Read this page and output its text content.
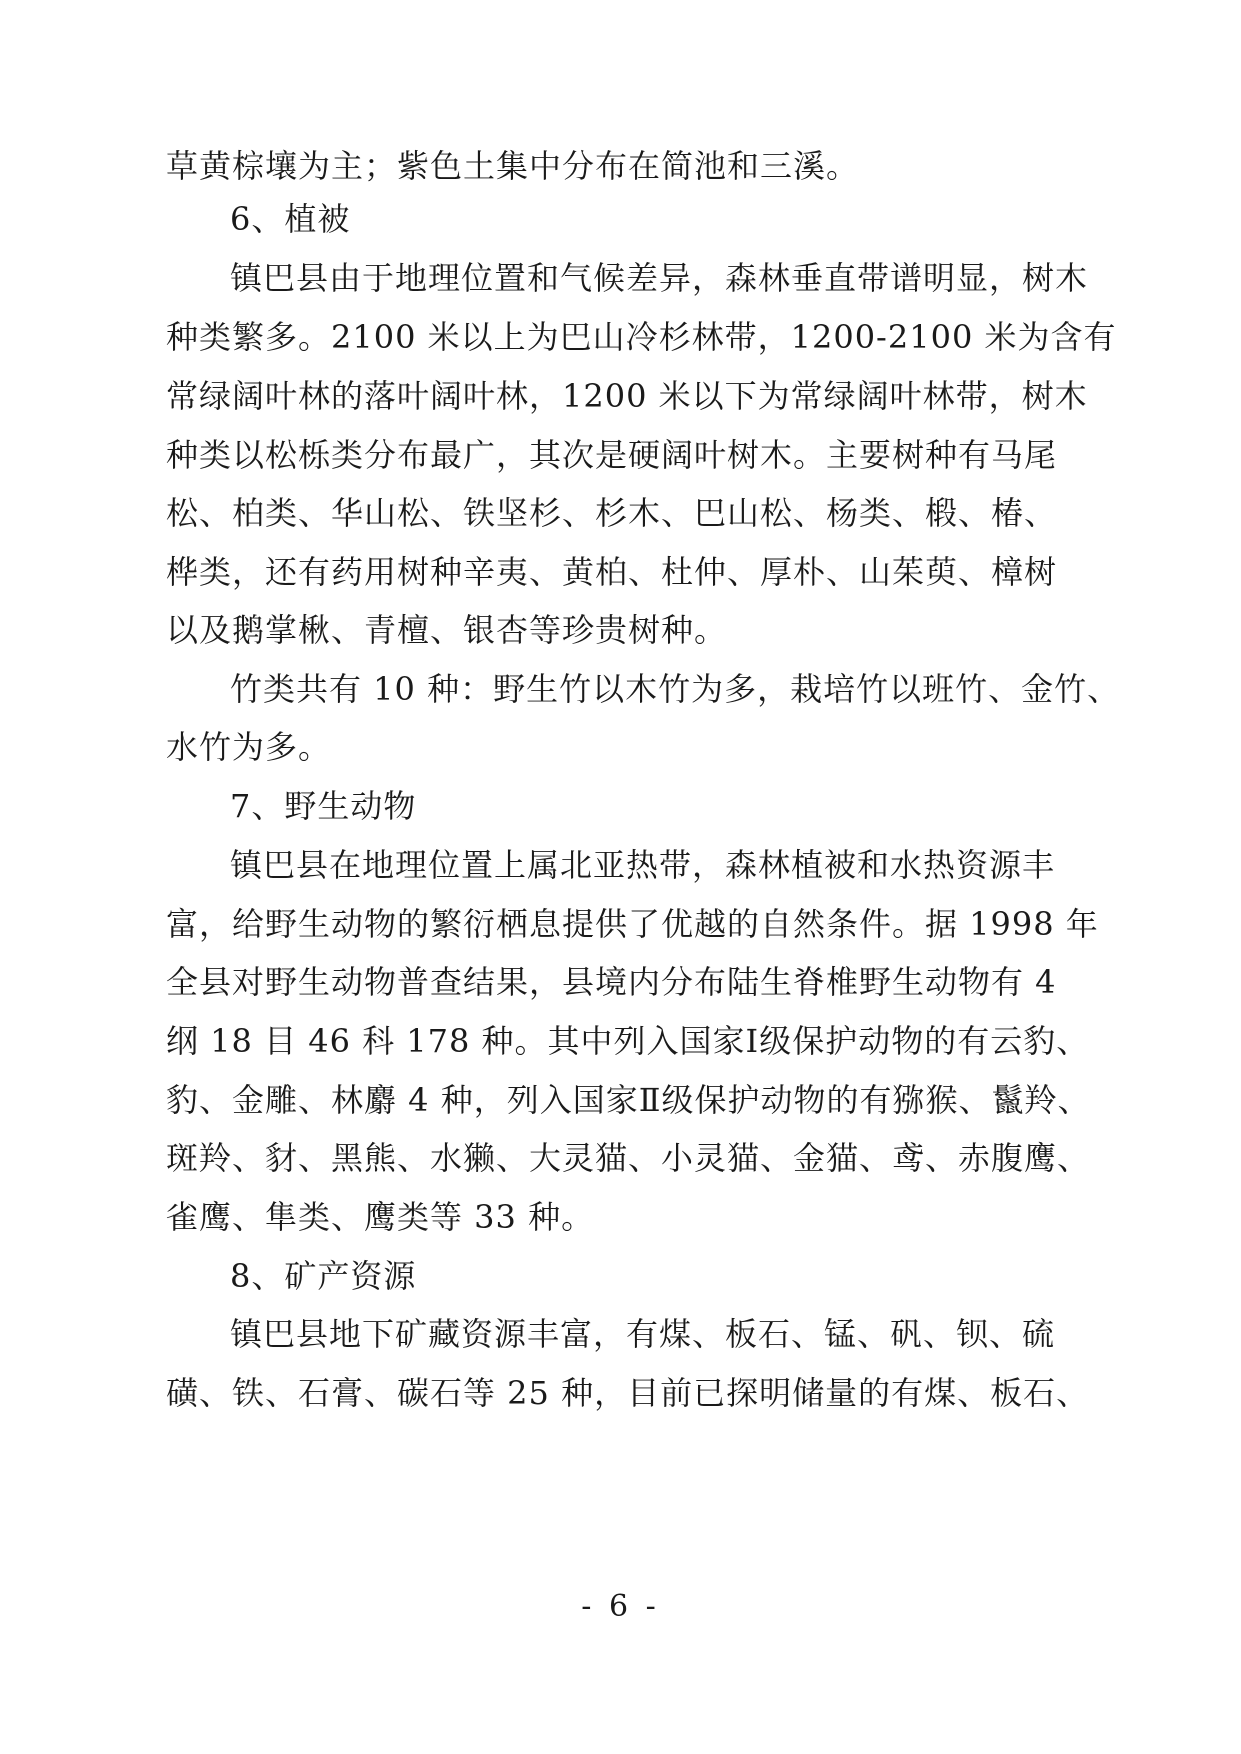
草黄棕壤为主；紫色土集中分布在简池和三溪。
6、植被
镇巴县由于地理位置和气候差异，森林垂直带谱明显，树木
种类繁多。2100 米以上为巴山冷杉林带，1200-2100 米为含有
常绿阔叶林的落叶阔叶林，1200 米以下为常绿阔叶林带，树木
种类以松栎类分布最广，其次是硬阔叶树木。主要树种有马尾
松、柏类、华山松、铁坚杉、杉木、巴山松、杨类、椴、椿、
桦类，还有药用树种辛夷、黄柏、杜仲、厚朴、山茱萸、樟树
以及鹅掌楸、青檀、银杏等珍贵树种。
竹类共有 10 种：野生竹以木竹为多，栽培竹以班竹、金竹、
水竹为多。
7、野生动物
镇巴县在地理位置上属北亚热带，森林植被和水热资源丰
富，给野生动物的繁衍栖息提供了优越的自然条件。据 1998 年
全县对野生动物普查结果，县境内分布陆生脊椎野生动物有 4
纲 18 目 46 科 178 种。其中列入国家Ⅰ级保护动物的有云豹、
豹、金雕、林麝 4 种，列入国家Ⅱ级保护动物的有猕猴、鬣羚、
斑羚、豺、黑熊、水獭、大灵猫、小灵猫、金猫、鸢、赤腹鹰、
雀鹰、隼类、鹰类等 33 种。
8、矿产资源
镇巴县地下矿藏资源丰富，有煤、板石、锰、矾、钡、硫
磺、铁、石膏、碳石等 25 种，目前已探明储量的有煤、板石、
- 6 -
